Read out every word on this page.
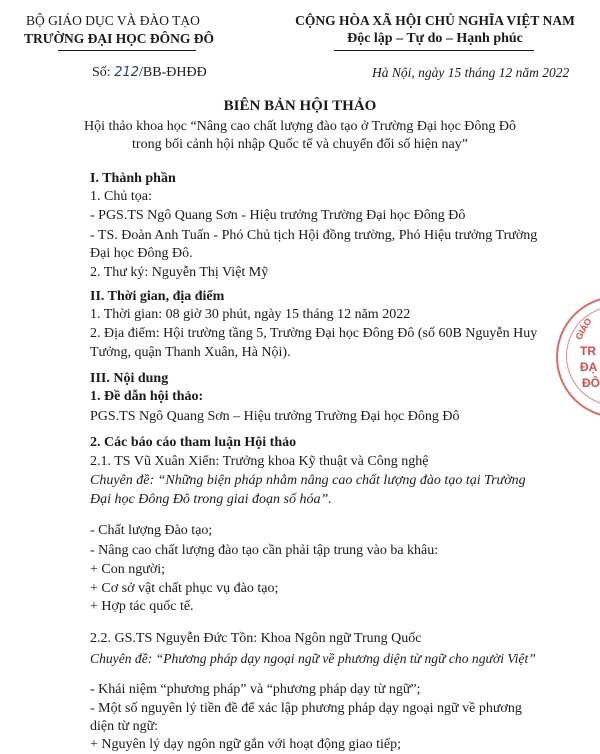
BỘ GIÁO DỤC VÀ ĐÀO TẠO
TRƯỜNG ĐẠI HỌC ĐÔNG ĐÔ
CỘNG HÒA XÃ HỘI CHỦ NGHĨA VIỆT NAM
Độc lập – Tự do – Hạnh phúc
Số: 212/BB-ĐHĐĐ	Hà Nội, ngày 15 tháng 12 năm 2022
BIÊN BẢN HỘI THẢO
Hội thảo khoa học “Nâng cao chất lượng đào tạo ở Trường Đại học Đông Đô
trong bối cảnh hội nhập Quốc tế và chuyển đổi số hiện nay”
I. Thành phần
1. Chủ tọa:
- PGS.TS Ngô Quang Sơn - Hiệu trưởng Trường Đại học Đông Đô
- TS. Đoàn Anh Tuấn - Phó Chủ tịch Hội đồng trường, Phó Hiệu trưởng Trường
Đại học Đông Đô.
2. Thư ký: Nguyễn Thị Việt Mỹ
II. Thời gian, địa điểm
1. Thời gian: 08 giờ 30 phút, ngày 15 tháng 12 năm 2022
2. Địa điểm: Hội trường tầng 5, Trường Đại học Đông Đô (số 60B Nguyễn Huy
Tưởng, quận Thanh Xuân, Hà Nội).
III. Nội dung
1. Đề dẫn hội thảo:
PGS.TS Ngô Quang Sơn – Hiệu trưởng Trường Đại học Đông Đô
2. Các báo cáo tham luận Hội thảo
2.1. TS Vũ Xuân Xiển: Trưởng khoa Kỹ thuật và Công nghệ
Chuyên đề: “Những biện pháp nhằm nâng cao chất lượng đào tạo tại Trường
Đại học Đông Đô trong giai đoạn số hóa”.
- Chất lượng Đào tạo;
- Nâng cao chất lượng đào tạo cần phải tập trung vào ba khâu:
+ Con người;
+ Cơ sở vật chất phục vụ đào tạo;
+ Hợp tác quốc tế.
2.2. GS.TS Nguyễn Đức Tồn: Khoa Ngôn ngữ Trung Quốc
Chuyên đề: “Phương pháp dạy ngoại ngữ về phương diện từ ngữ cho người Việt”
- Khái niệm “phương pháp” và “phương pháp dạy từ ngữ”;
- Một số nguyên lý tiền đề để xác lập phương pháp dạy ngoại ngữ về phương
diện từ ngữ:
+ Nguyên lý dạy ngôn ngữ gắn với hoạt động giao tiếp;
GIÁO
TR
ĐẠ
ĐÔ
